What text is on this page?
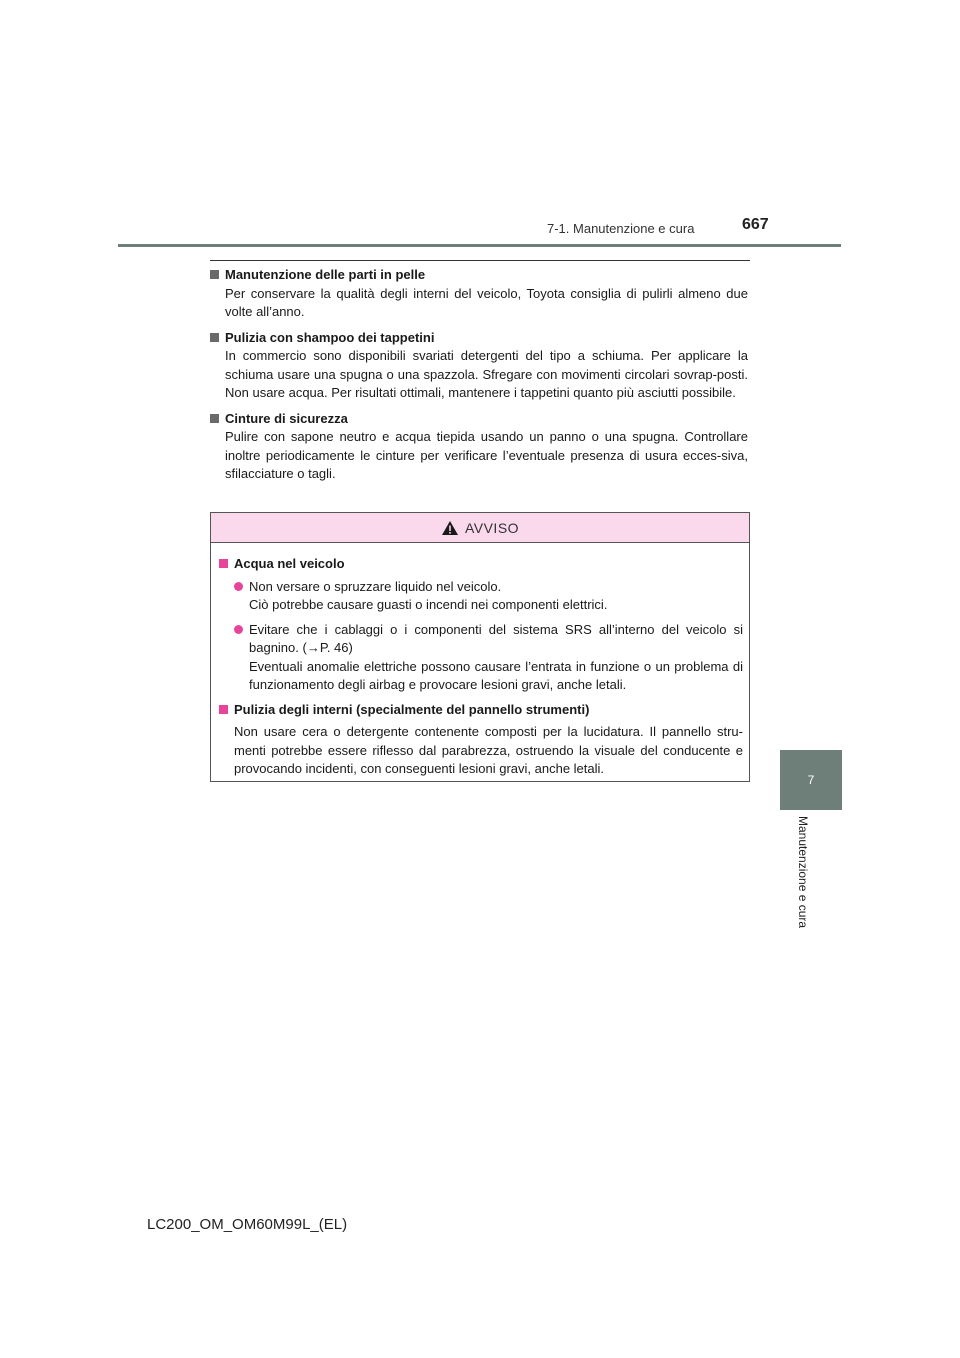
7-1. Manutenzione e cura	667
Manutenzione delle parti in pelle
Per conservare la qualità degli interni del veicolo, Toyota consiglia di pulirli almeno due volte all’anno.
Pulizia con shampoo dei tappetini
In commercio sono disponibili svariati detergenti del tipo a schiuma. Per applicare la schiuma usare una spugna o una spazzola. Sfregare con movimenti circolari sovrap-posti. Non usare acqua. Per risultati ottimali, mantenere i tappetini quanto più asciutti possibile.
Cinture di sicurezza
Pulire con sapone neutro e acqua tiepida usando un panno o una spugna. Controllare inoltre periodicamente le cinture per verificare l’eventuale presenza di usura ecces-siva, sfilacciature o tagli.
AVVISO
Acqua nel veicolo
Non versare o spruzzare liquido nel veicolo.
Ciò potrebbe causare guasti o incendi nei componenti elettrici.
Evitare che i cablaggi o i componenti del sistema SRS all’interno del veicolo si bagnino. (→P. 46)
Eventuali anomalie elettriche possono causare l’entrata in funzione o un problema di funzionamento degli airbag e provocare lesioni gravi, anche letali.
Pulizia degli interni (specialmente del pannello strumenti)
Non usare cera o detergente contenente composti per la lucidatura. Il pannello stru-menti potrebbe essere riflesso dal parabrezza, ostruendo la visuale del conducente e provocando incidenti, con conseguenti lesioni gravi, anche letali.
7
Manutenzione e cura
LC200_OM_OM60M99L_(EL)
